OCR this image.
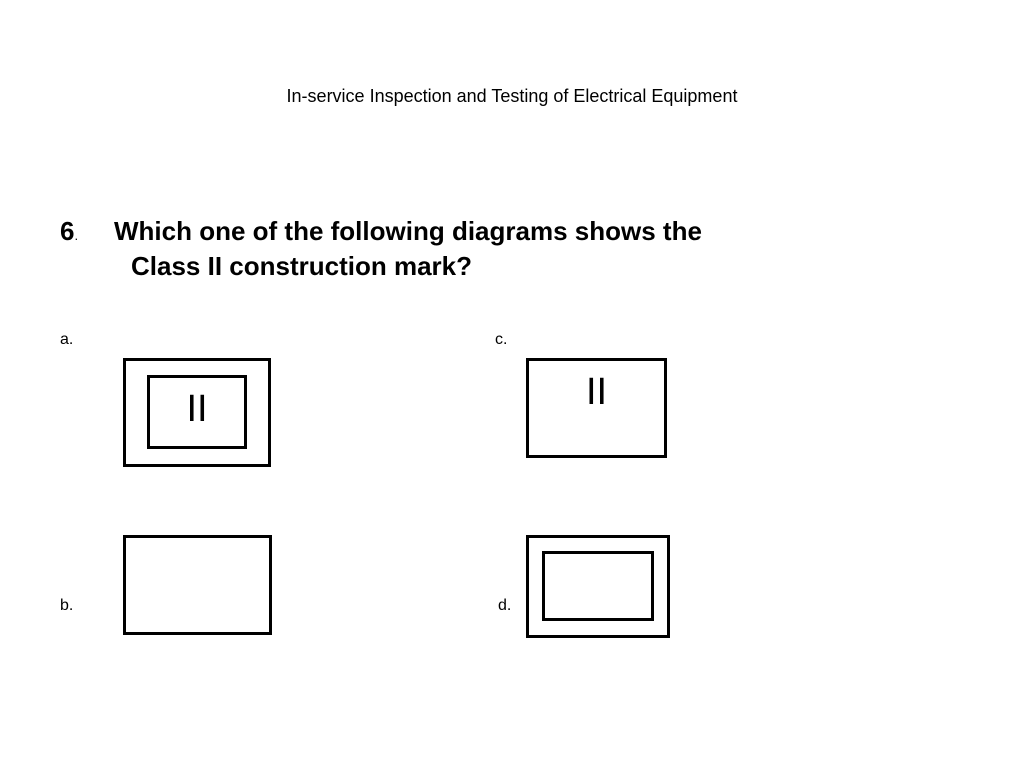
In-service Inspection and Testing of Electrical Equipment
6. Which one of the following diagrams shows the
Class II construction mark?
a.
II
c.
II
b.	d.
